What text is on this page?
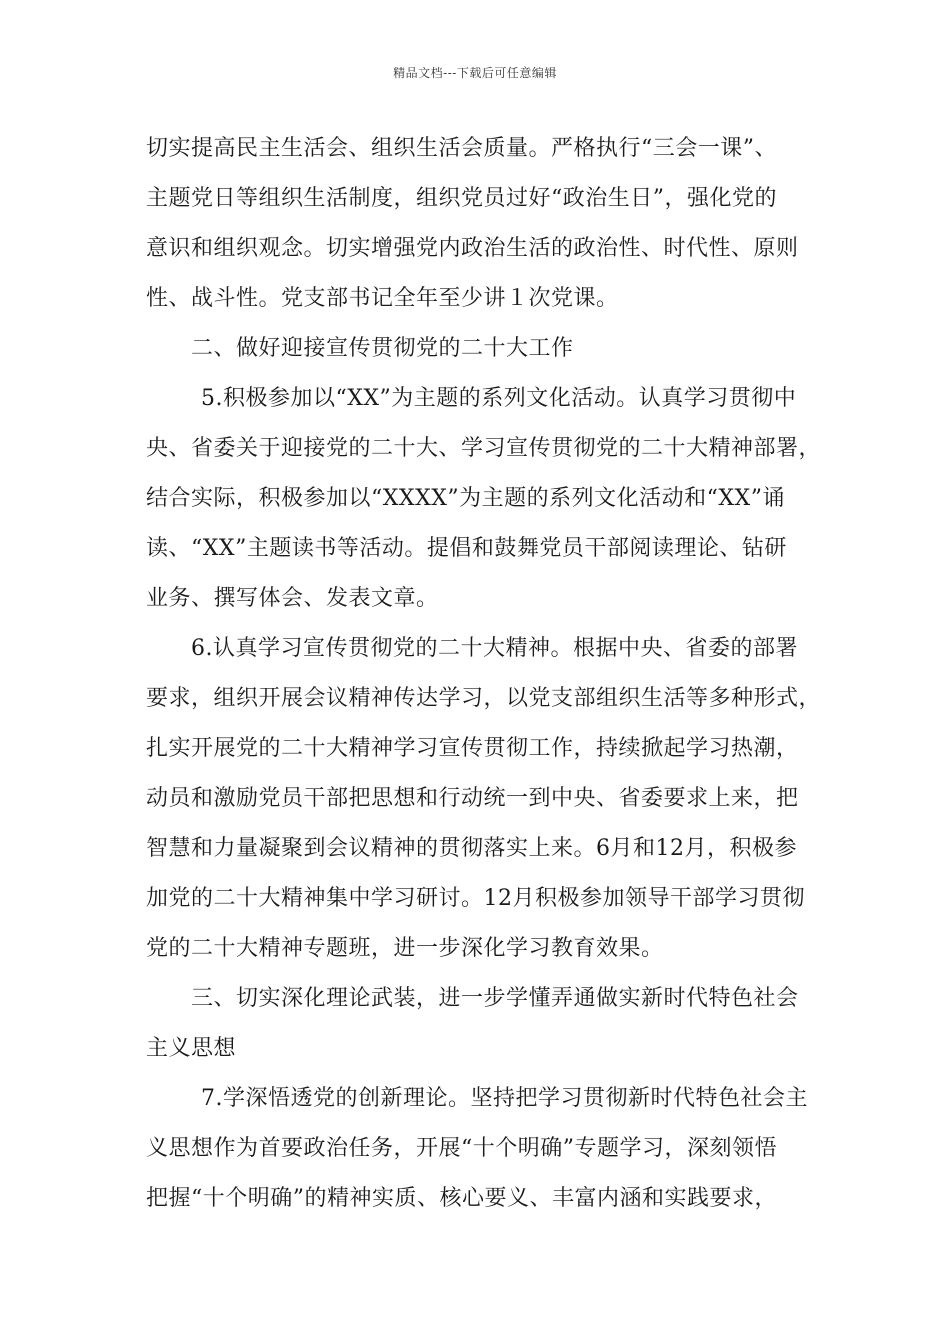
精品文档---下载后可任意编辑
切实提高民主生活会、组织生活会质量。严格执行“三会一课”、
主题党日等组织生活制度，组织党员过好“政治生日”，强化党的
意识和组织观念。切实增强党内政治生活的政治性、时代性、原则
性、战斗性。党支部书记全年至少讲１次党课。
二、做好迎接宣传贯彻党的二十大工作
5.积极参加以“XX”为主题的系列文化活动。认真学习贯彻中
央、省委关于迎接党的二十大、学习宣传贯彻党的二十大精神部署，
结合实际，积极参加以“XXXX”为主题的系列文化活动和“XX”诵
读、“XX”主题读书等活动。提倡和鼓舞党员干部阅读理论、钻研
业务、撰写体会、发表文章。
6.认真学习宣传贯彻党的二十大精神。根据中央、省委的部署
要求，组织开展会议精神传达学习，以党支部组织生活等多种形式，
扎实开展党的二十大精神学习宣传贯彻工作，持续掀起学习热潮，
动员和激励党员干部把思想和行动统一到中央、省委要求上来，把
智慧和力量凝聚到会议精神的贯彻落实上来。6月和12月，积极参
加党的二十大精神集中学习研讨。12月积极参加领导干部学习贯彻
党的二十大精神专题班，进一步深化学习教育效果。
三、切实深化理论武装，进一步学懂弄通做实新时代特色社会
主义思想
7.学深悟透党的创新理论。坚持把学习贯彻新时代特色社会主
义思想作为首要政治任务，开展“十个明确”专题学习，深刻领悟
把握“十个明确”的精神实质、核心要义、丰富内涵和实践要求，
